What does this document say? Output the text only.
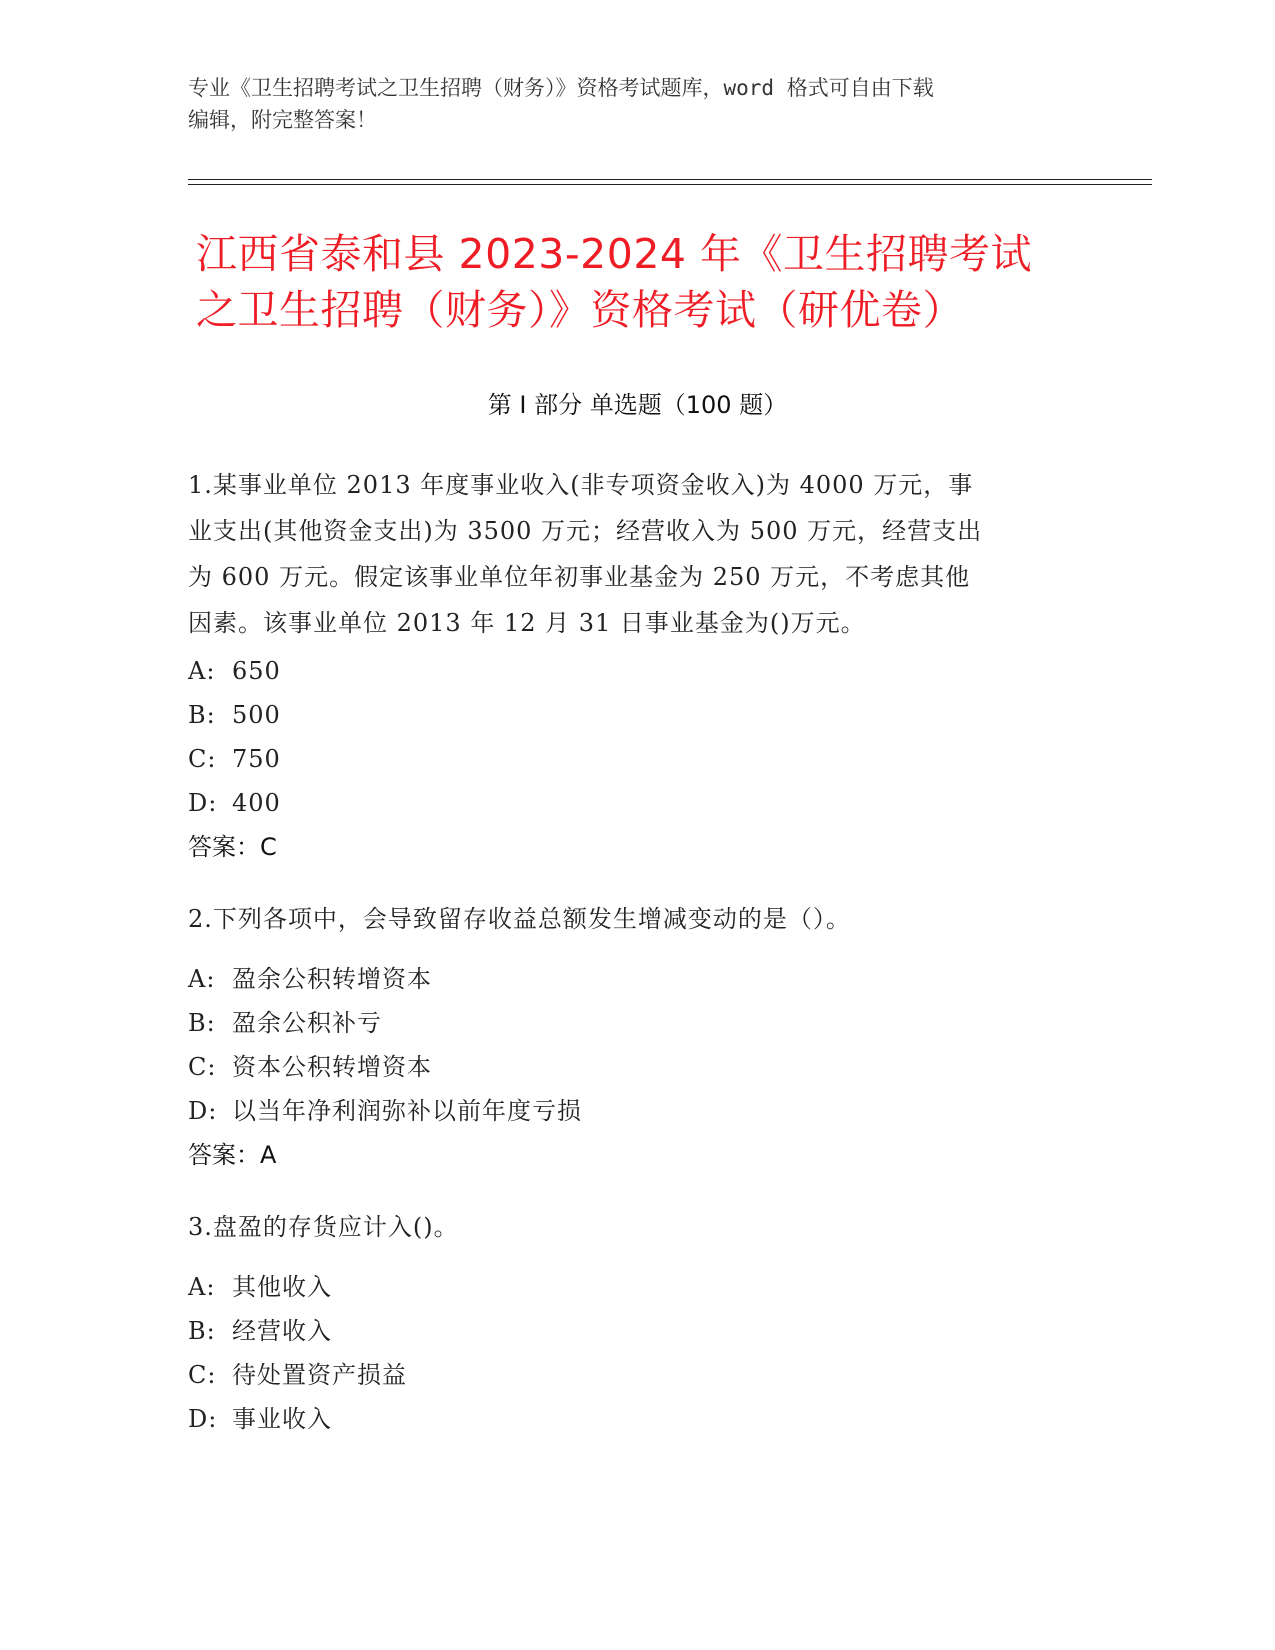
专业《卫生招聘考试之卫生招聘（财务）》资格考试题库，word 格式可自由下载
编辑，附完整答案！
江西省泰和县 2023-2024 年《卫生招聘考试
之卫生招聘（财务）》资格考试（研优卷）
第 I 部分 单选题（100 题）
1.某事业单位 2013 年度事业收入(非专项资金收入)为 4000 万元，事
业支出(其他资金支出)为 3500 万元；经营收入为 500 万元，经营支出
为 600 万元。假定该事业单位年初事业基金为 250 万元，不考虑其他
因素。该事业单位 2013 年 12 月 31 日事业基金为()万元。
A: 650
B: 500
C: 750
D: 400
答案：C
2.下列各项中，会导致留存收益总额发生增减变动的是（）。
A: 盈余公积转增资本
B: 盈余公积补亏
C: 资本公积转增资本
D: 以当年净利润弥补以前年度亏损
答案：A
3.盘盈的存货应计入()。
A: 其他收入
B: 经营收入
C: 待处置资产损益
D: 事业收入
